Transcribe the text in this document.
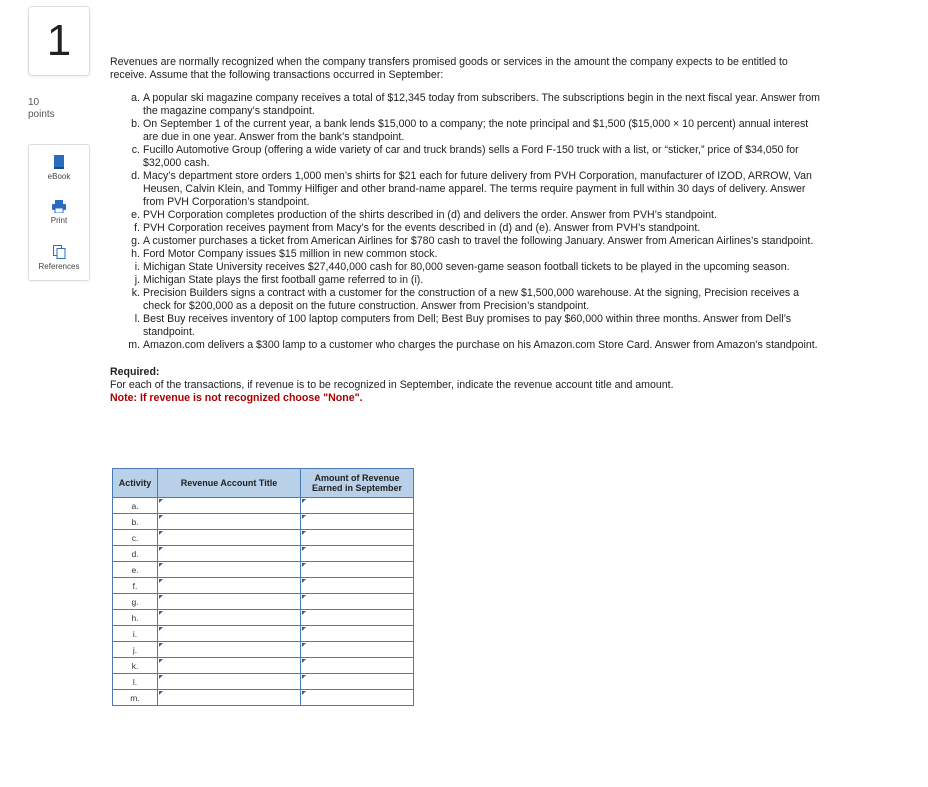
1
10
points
eBook
Print
References

Revenues are normally recognized when the company transfers promised goods or services in the amount the company expects to be entitled to receive. Assume that the following transactions occurred in September:

a. A popular ski magazine company receives a total of $12,345 today from subscribers. The subscriptions begin in the next fiscal year. Answer from the magazine company’s standpoint.
b. On September 1 of the current year, a bank lends $15,000 to a company; the note principal and $1,500 ($15,000 × 10 percent) annual interest are due in one year. Answer from the bank’s standpoint.
c. Fucillo Automotive Group (offering a wide variety of car and truck brands) sells a Ford F-150 truck with a list, or “sticker,” price of $34,050 for $32,000 cash.
d. Macy’s department store orders 1,000 men’s shirts for $21 each for future delivery from PVH Corporation, manufacturer of IZOD, ARROW, Van Heusen, Calvin Klein, and Tommy Hilfiger and other brand-name apparel. The terms require payment in full within 30 days of delivery. Answer from PVH Corporation’s standpoint.
e. PVH Corporation completes production of the shirts described in (d) and delivers the order. Answer from PVH’s standpoint.
f. PVH Corporation receives payment from Macy’s for the events described in (d) and (e). Answer from PVH’s standpoint.
g. A customer purchases a ticket from American Airlines for $780 cash to travel the following January. Answer from American Airlines’s standpoint.
h. Ford Motor Company issues $15 million in new common stock.
i. Michigan State University receives $27,440,000 cash for 80,000 seven-game season football tickets to be played in the upcoming season.
j. Michigan State plays the first football game referred to in (i).
k. Precision Builders signs a contract with a customer for the construction of a new $1,500,000 warehouse. At the signing, Precision receives a check for $200,000 as a deposit on the future construction. Answer from Precision’s standpoint.
l. Best Buy receives inventory of 100 laptop computers from Dell; Best Buy promises to pay $60,000 within three months. Answer from Dell’s standpoint.
m. Amazon.com delivers a $300 lamp to a customer who charges the purchase on his Amazon.com Store Card. Answer from Amazon’s standpoint.
Required:
For each of the transactions, if revenue is to be recognized in September, indicate the revenue account title and amount.
Note: If revenue is not recognized choose "None".
Activity	Revenue Account Title	Amount of Revenue
Earned in September

a.	

b.	

c.	

d.	

e.	

f.	

g.	

h.	

i.	

j.	

k.	

l.	

m.	
